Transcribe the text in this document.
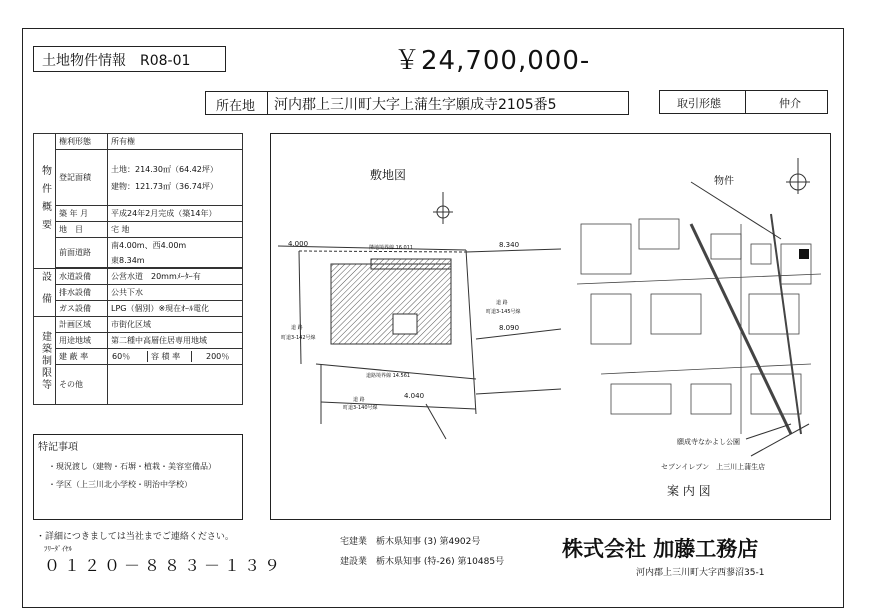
土地物件情報　R08-01	￥24,700,000-
所在地 河内郡上三川町大字上蒲生字願成寺2105番5	取引形態	仲介
物件概要	権利形態	所有権
	登記面積	土地：214.30㎡（64.42坪）
建物：121.73㎡（36.74坪）

	築 年 月	平成24年2月完成（築14年）
	地　目	宅 地
	前面道路	南4.00m、西4.00m
東8.34m

設備	水道設備	公営水道　20mmﾒｰﾀｰ有
	排水設備	公共下水
	ガス設備	LPG（個別）※現在ｵｰﾙ電化
建築制限等	計画区域	市街化区域
	用途地域	第二種中高層住居専用地域
	建 蔽 率	60％ 容 積 率 200％
	その他	
特記事項
・現況渡し（建物・石塀・植栽・美容室備品）
・学区（上三川北小学校・明治中学校）
敷地図
4.000	8.340
8.090
4.040
隣地境界線 16.011
道路境界線 14.561
道 路
町道3-142号線
道 路
町道3-145号線
道 路
町道3-140号線
物件
願成寺なかよし公園
セブンイレブン　上三川上蒲生店
案 内 図
・詳細につきましては当社までご連絡ください。
ﾌﾘｰﾀﾞｲﾔﾙ
０１２０－８８３－１３９
宅建業　栃木県知事 (3) 第4902号
建設業　栃木県知事 (特-26) 第10485号
株式会社 加藤工務店
河内郡上三川町大字西蓼沼35-1
